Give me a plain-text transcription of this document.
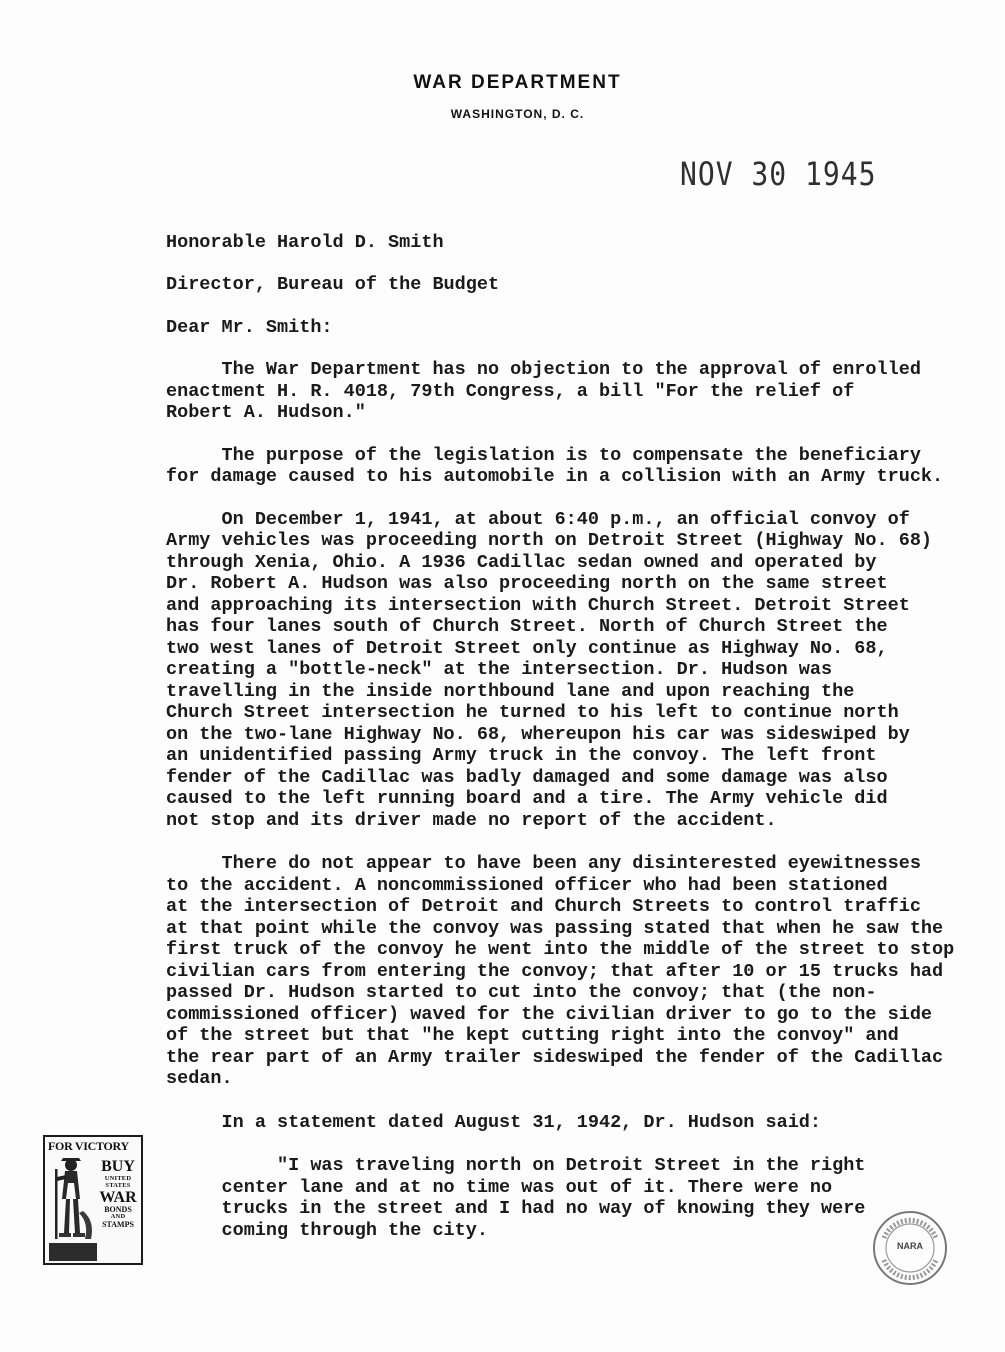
WAR DEPARTMENT
WASHINGTON, D. C.
NOV 30 1945
Honorable Harold D. Smith
Director, Bureau of the Budget
Dear Mr. Smith:
The War Department has no objection to the approval of enrolled
enactment H. R. 4018, 79th Congress, a bill "For the relief of
Robert A. Hudson."
The purpose of the legislation is to compensate the beneficiary
for damage caused to his automobile in a collision with an Army truck.
On December 1, 1941, at about 6:40 p.m., an official convoy of
Army vehicles was proceeding north on Detroit Street (Highway No. 68)
through Xenia, Ohio. A 1936 Cadillac sedan owned and operated by
Dr. Robert A. Hudson was also proceeding north on the same street
and approaching its intersection with Church Street. Detroit Street
has four lanes south of Church Street. North of Church Street the
two west lanes of Detroit Street only continue as Highway No. 68,
creating a "bottle-neck" at the intersection. Dr. Hudson was
travelling in the inside northbound lane and upon reaching the
Church Street intersection he turned to his left to continue north
on the two-lane Highway No. 68, whereupon his car was sideswiped by
an unidentified passing Army truck in the convoy. The left front
fender of the Cadillac was badly damaged and some damage was also
caused to the left running board and a tire. The Army vehicle did
not stop and its driver made no report of the accident.
There do not appear to have been any disinterested eyewitnesses
to the accident. A noncommissioned officer who had been stationed
at the intersection of Detroit and Church Streets to control traffic
at that point while the convoy was passing stated that when he saw the
first truck of the convoy he went into the middle of the street to stop
civilian cars from entering the convoy; that after 10 or 15 trucks had
passed Dr. Hudson started to cut into the convoy; that (the non-
commissioned officer) waved for the civilian driver to go to the side
of the street but that "he kept cutting right into the convoy" and
the rear part of an Army trailer sideswiped the fender of the Cadillac
sedan.
In a statement dated August 31, 1942, Dr. Hudson said:
"I was traveling north on Detroit Street in the right
center lane and at no time was out of it. There were no
trucks in the street and I had no way of knowing they were
coming through the city.
FOR VICTORY
BUY
UNITED
STATES
WAR
BONDS
AND
STAMPS
NARA
